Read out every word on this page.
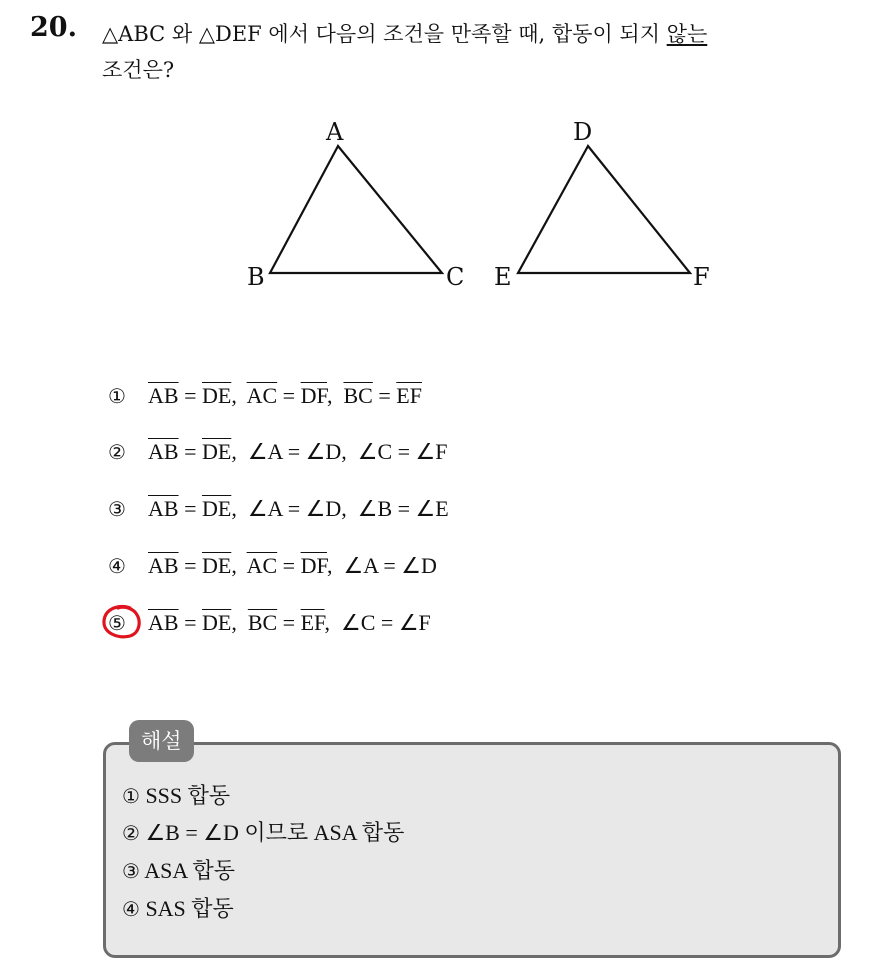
20. △ABC 와 △DEF 에서 다음의 조건을 만족할 때, 합동이 되지 않는
조건은?
A
B	C
D
E	F
① $\overline{AB} = \overline{DE}$,  $\overline{AC} = \overline{DF}$,  $\overline{BC} = \overline{EF}$
② $\overline{AB} = \overline{DE}$,  ∠A = ∠D,  ∠C = ∠F
③ $\overline{AB} = \overline{DE}$,  ∠A = ∠D,  ∠B = ∠E
④ $\overline{AB} = \overline{DE}$,  $\overline{AC} = \overline{DF}$,  ∠A = ∠D
⑤ $\overline{AB} = \overline{DE}$,  $\overline{BC} = \overline{EF}$,  ∠C = ∠F
해설
① SSS 합동
② ∠B = ∠D 이므로 ASA 합동
③ ASA 합동
④ SAS 합동
